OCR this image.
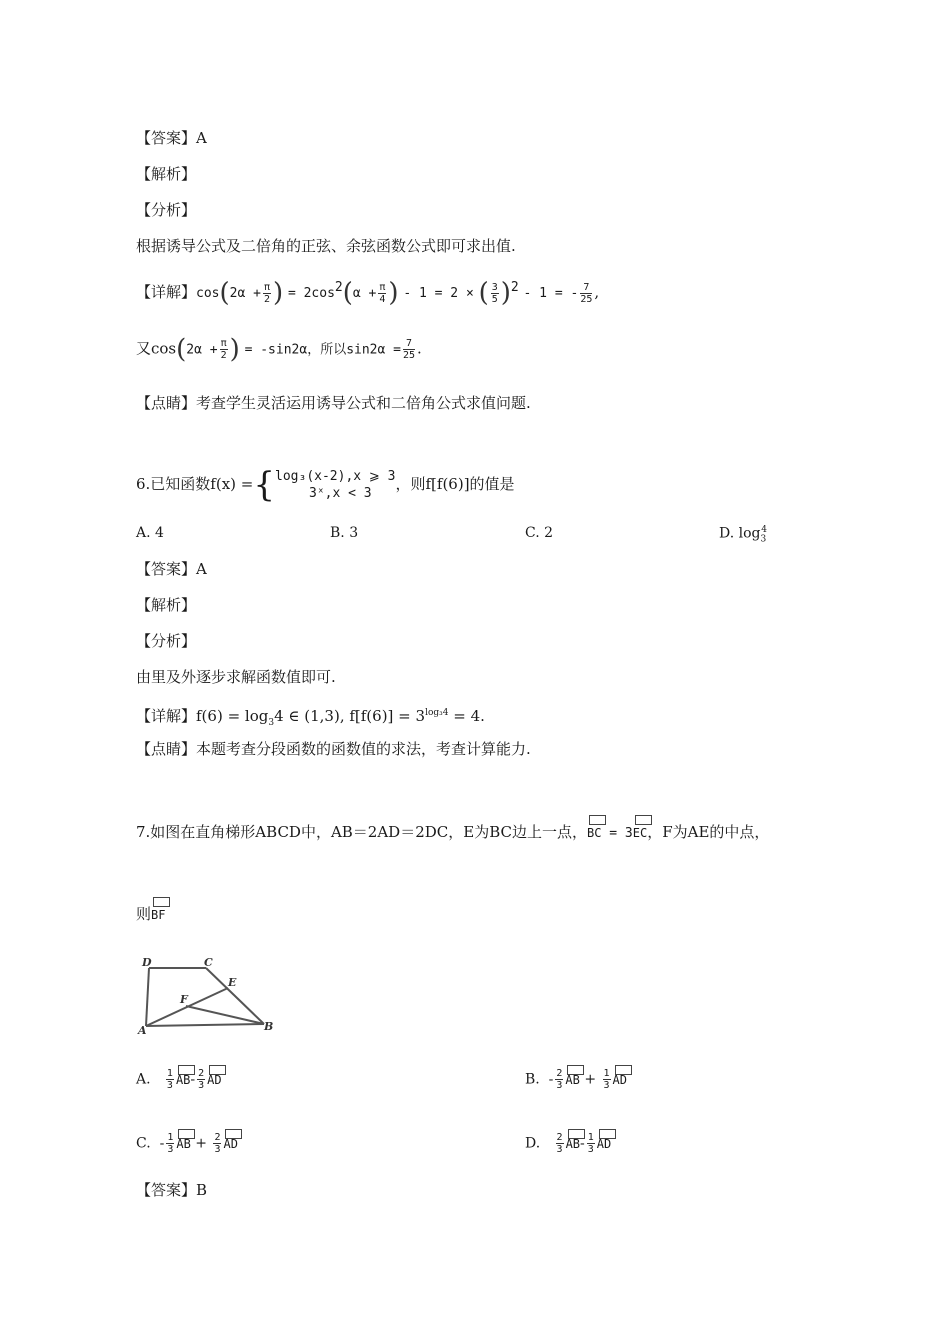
【答案】A
【解析】
【分析】
根据诱导公式及二倍角的正弦、余弦函数公式即可求出值.
【详解】$\cos(2\alpha + \frac{\pi}{2}$ ) = $2\cos^2(\alpha + \frac{\pi}{4}$ ) - 1 = 2 × ( $\frac{3}{5} )^2 - 1$ = - $\frac{7}{25}$ ,
又$\cos(2\alpha + \frac{\pi}{2}$ ) = -sin2α，所以$\sin 2\alpha = \frac{7}{25}$ .
【点睛】考查学生灵活运用诱导公式和二倍角公式求值问题.
6.已知函数f(x) ={ log₃(x-2),x ⩾ 3
3ˣ,x < 3
，则f[f(6)]的值是
A. 4	B. 3	C. 2	D. $\log_3^4$
【答案】A
【解析】
【分析】
由里及外逐步求解函数值即可.
【详解】$f(6) = \log_34$ ∈ (1,3), $f[f(6)] = 3^{log_34} = 4$.
【点睛】本题考查分段函数的函数值的求法，考查计算能力.
7.如图在直角梯形ABCD中，AB＝2AD＝2DC，E为BC边上一点，BC = 3EC，F为AE的中点，
则BF
D	C
E
F
A	B
A. $\frac{1}{3} AB- \frac{2}{3}$ AD	B.  - $\frac{2}{3}$ AB + $\frac{1}{3}$ AD
C.  - $\frac{1}{3}$ AB + $\frac{2}{3}$ AD	D. $\frac{2}{3} AB- \frac{1}{3}$ AD
【答案】B
